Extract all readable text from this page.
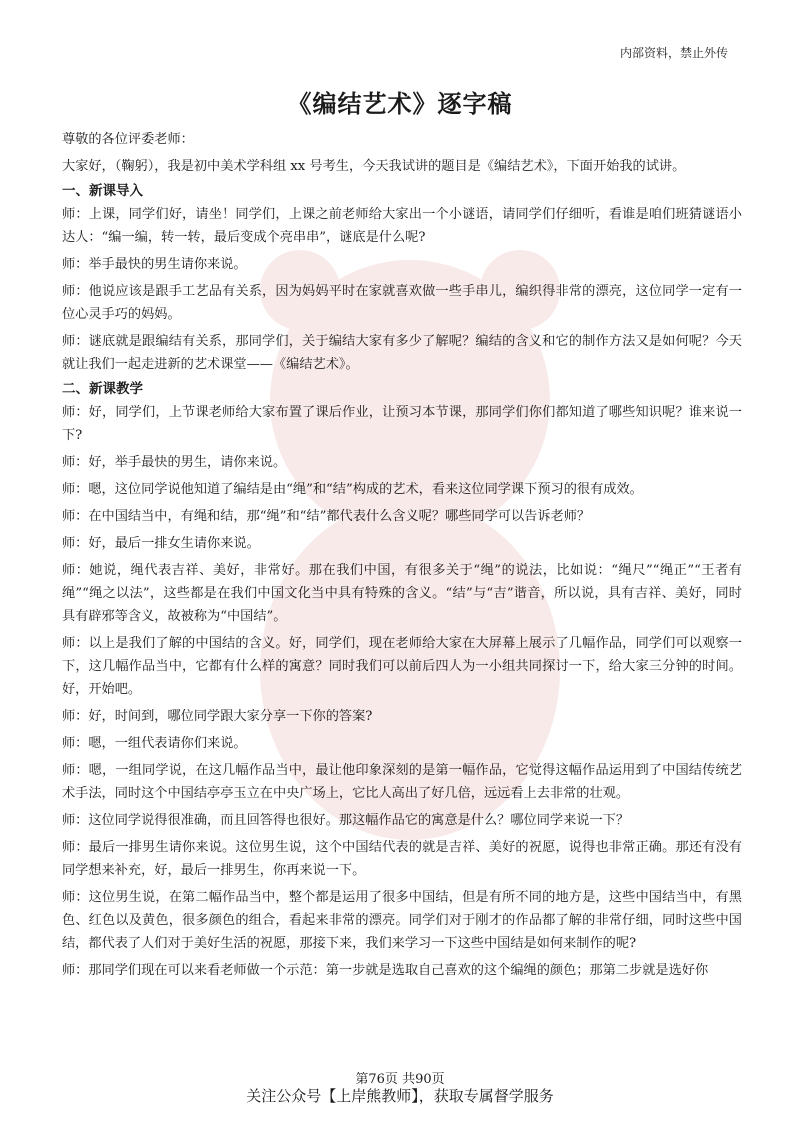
内部资料，禁止外传
《编结艺术》逐字稿

尊敬的各位评委老师：

大家好，（鞠躬），我是初中美术学科组 xx 号考生，今天我试讲的题目是《编结艺术》，下面开始我的试讲。

一、新课导入

师：上课，同学们好，请坐！同学们，上课之前老师给大家出一个小谜语，请同学们仔细听，看谁是咱们班猜谜语小达人：“编一编，转一转，最后变成个亮串串”，谜底是什么呢?

师：举手最快的男生请你来说。

师：他说应该是跟手工艺品有关系，因为妈妈平时在家就喜欢做一些手串儿，编织得非常的漂亮，这位同学一定有一位心灵手巧的妈妈。

师：谜底就是跟编结有关系，那同学们，关于编结大家有多少了解呢？编结的含义和它的制作方法又是如何呢？今天就让我们一起走进新的艺术课堂——《编结艺术》。

二、新课教学

师：好，同学们，上节课老师给大家布置了课后作业，让预习本节课，那同学们你们都知道了哪些知识呢？谁来说一下?

师：好，举手最快的男生，请你来说。

师：嗯，这位同学说他知道了编结是由“绳”和“结”构成的艺术，看来这位同学课下预习的很有成效。

师：在中国结当中，有绳和结，那“绳”和“结”都代表什么含义呢？哪些同学可以告诉老师？

师：好，最后一排女生请你来说。

师：她说，绳代表吉祥、美好，非常好。那在我们中国，有很多关于“绳”的说法，比如说：“绳尺”“绳正”“王者有绳”“绳之以法”，这些都是在我们中国文化当中具有特殊的含义。“结”与“吉”谐音，所以说，具有吉祥、美好，同时具有辟邪等含义，故被称为“中国结”。

师：以上是我们了解的中国结的含义。好，同学们，现在老师给大家在大屏幕上展示了几幅作品，同学们可以观察一下，这几幅作品当中，它都有什么样的寓意？同时我们可以前后四人为一小组共同探讨一下，给大家三分钟的时间。好，开始吧。

师：好，时间到，哪位同学跟大家分享一下你的答案?

师：嗯，一组代表请你们来说。

师：嗯，一组同学说，在这几幅作品当中，最让他印象深刻的是第一幅作品，它觉得这幅作品运用到了中国结传统艺术手法，同时这个中国结亭亭玉立在中央广场上，它比人高出了好几倍，远远看上去非常的壮观。

师：这位同学说得很准确，而且回答得也很好。那这幅作品它的寓意是什么？哪位同学来说一下？

师：最后一排男生请你来说。这位男生说，这个中国结代表的就是吉祥、美好的祝愿，说得也非常正确。那还有没有同学想来补充，好，最后一排男生，你再来说一下。

师：这位男生说，在第二幅作品当中，整个都是运用了很多中国结，但是有所不同的地方是，这些中国结当中，有黑色、红色以及黄色，很多颜色的组合，看起来非常的漂亮。同学们对于刚才的作品都了解的非常仔细，同时这些中国结，都代表了人们对于美好生活的祝愿，那接下来，我们来学习一下这些中国结是如何来制作的呢?

师：那同学们现在可以来看老师做一个示范：第一步就是选取自己喜欢的这个编绳的颜色；那第二步就是选好你

第76页 共90页
关注公众号【上岸熊教师】，获取专属督学服务
